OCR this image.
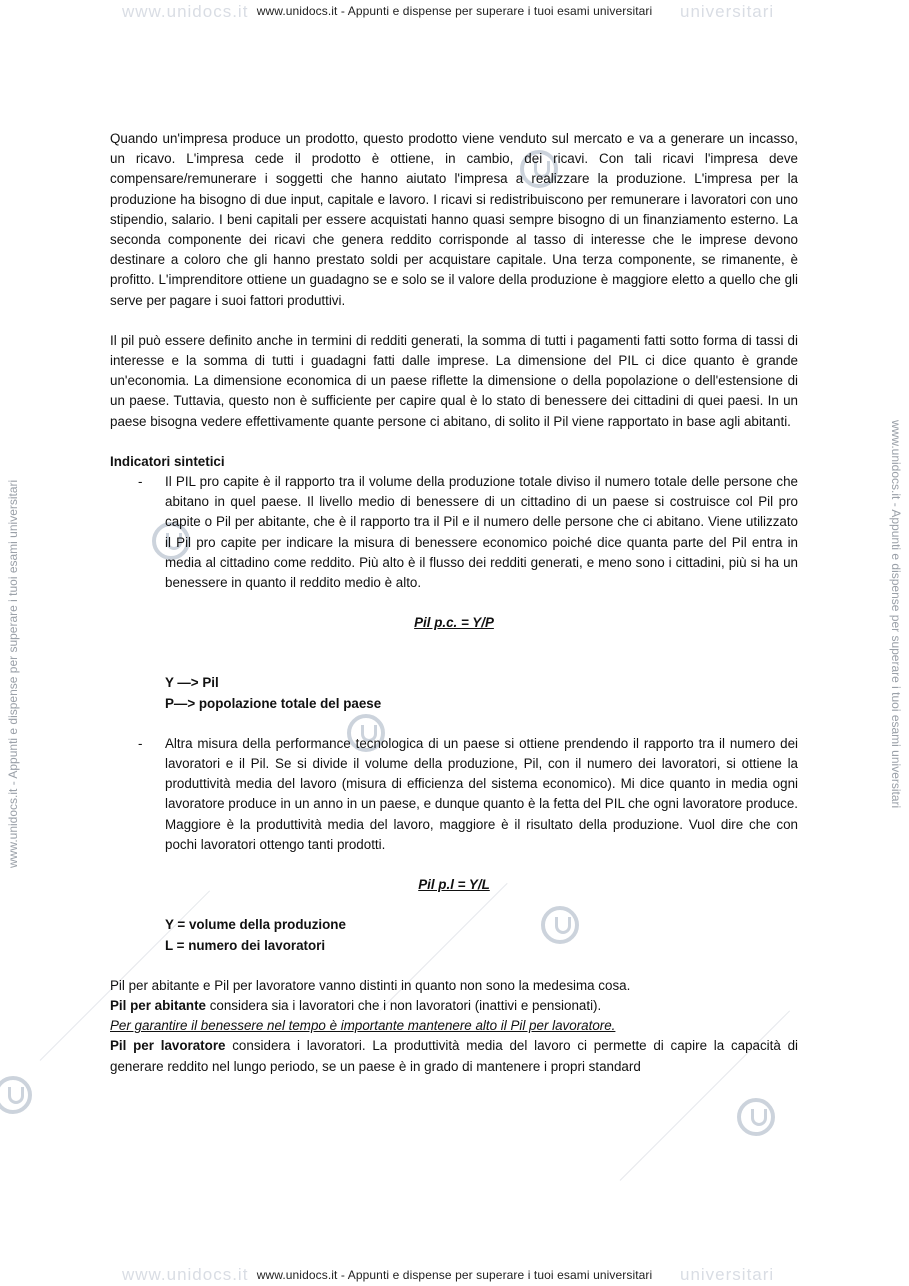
www.unidocs.it	universitari
www.unidocs.it	universitari
www.unidocs.it - Appunti e dispense per superare i tuoi esami universitari	www.unidocs.it - Appunti e dispense per superare i tuoi esami universitari
www.unidocs.it - Appunti e dispense per superare i tuoi esami universitari
www.unidocs.it - Appunti e dispense per superare i tuoi esami universitari

Quando un'impresa produce un prodotto, questo prodotto viene venduto sul mercato e va a generare un incasso, un ricavo. L'impresa cede il prodotto è ottiene, in cambio, dei ricavi. Con tali ricavi l'impresa deve compensare/remunerare i soggetti che hanno aiutato l'impresa a realizzare la produzione. L'impresa per la produzione ha bisogno di due input, capitale e lavoro. I ricavi si redistribuiscono per remunerare i lavoratori con uno stipendio, salario. I beni capitali per essere acquistati hanno quasi sempre bisogno di un finanziamento esterno. La seconda componente dei ricavi che genera reddito corrisponde al tasso di interesse che le imprese devono destinare a coloro che gli hanno prestato soldi per acquistare capitale. Una terza componente, se rimanente, è profitto. L'imprenditore ottiene un guadagno se e solo se il valore della produzione è maggiore eletto a quello che gli serve per pagare i suoi fattori produttivi.

Il pil può essere definito anche in termini di redditi generati, la somma di tutti i pagamenti fatti sotto forma di tassi di interesse e la somma di tutti i guadagni fatti dalle imprese. La dimensione del PIL ci dice quanto è grande un'economia. La dimensione economica di un paese riflette la dimensione o della popolazione o dell'estensione di un paese. Tuttavia, questo non è sufficiente per capire qual è lo stato di benessere dei cittadini di quei paesi. In un paese bisogna vedere effettivamente quante persone ci abitano, di solito il Pil viene rapportato in base agli abitanti.

Indicatori sintetici

- Il PIL pro capite è il rapporto tra il volume della produzione totale diviso il numero totale delle persone che abitano in quel paese. Il livello medio di benessere di un cittadino di un paese si costruisce col Pil pro capite o Pil per abitante, che è il rapporto tra il Pil e il numero delle persone che ci abitano. Viene utilizzato il Pil pro capite per indicare la misura di benessere economico poiché dice quanta parte del Pil entra in media al cittadino come reddito. Più alto è il flusso dei redditi generati, e meno sono i cittadini, più si ha un benessere in quanto il reddito medio è alto.

Pil p.c. = Y/P

Y —> Pil

P—> popolazione totale del paese

- Altra misura della performance tecnologica di un paese si ottiene prendendo il rapporto tra il numero dei lavoratori e il Pil. Se si divide il volume della produzione, Pil, con il numero dei lavoratori, si ottiene la produttività media del lavoro (misura di efficienza del sistema economico). Mi dice quanto in media ogni lavoratore produce in un anno in un paese, e dunque quanto è la fetta del PIL che ogni lavoratore produce. Maggiore è la produttività media del lavoro, maggiore è il risultato della produzione. Vuol dire che con pochi lavoratori ottengo tanti prodotti.

Pil p.l = Y/L

Y = volume della produzione

L = numero dei lavoratori

Pil per abitante e Pil per lavoratore vanno distinti in quanto non sono la medesima cosa.

Pil per abitante considera sia i lavoratori che i non lavoratori (inattivi e pensionati).

Per garantire il benessere nel tempo è importante mantenere alto il Pil per lavoratore.

Pil per lavoratore considera i lavoratori. La produttività media del lavoro ci permette di capire la capacità di generare reddito nel lungo periodo, se un paese è in grado di mantenere i propri standard
